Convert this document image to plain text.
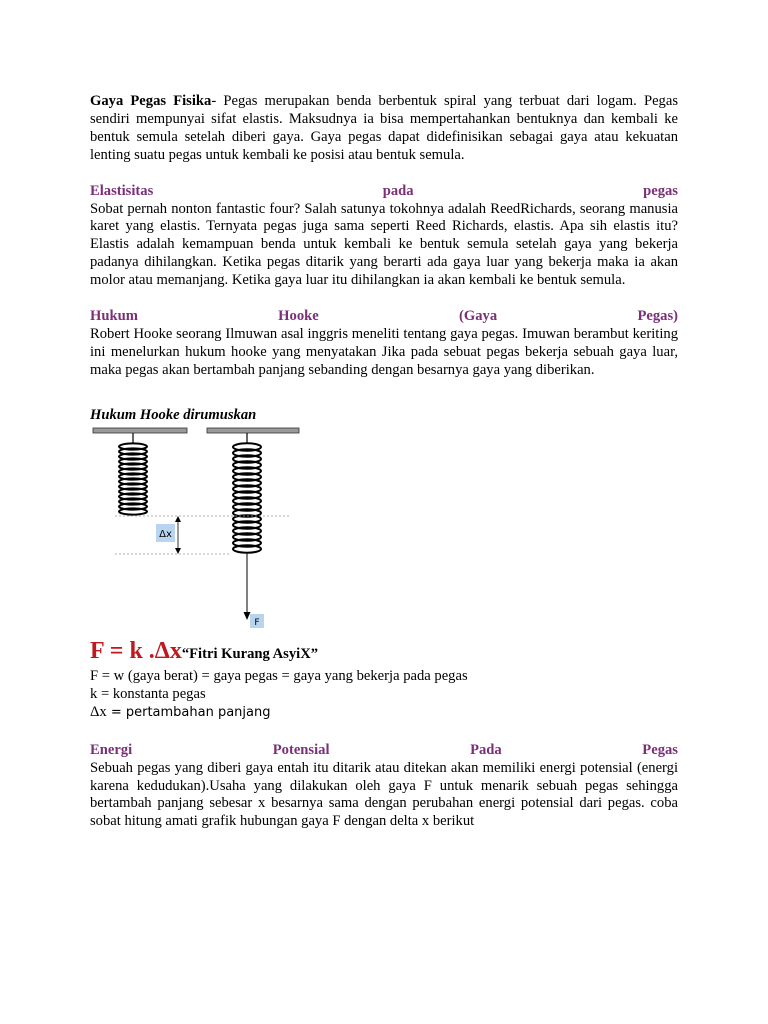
Gaya Pegas Fisika- Pegas merupakan benda berbentuk spiral yang terbuat dari logam. Pegas sendiri mempunyai sifat elastis. Maksudnya ia bisa mempertahankan bentuknya dan kembali ke bentuk semula setelah diberi gaya. Gaya pegas dapat didefinisikan sebagai gaya atau kekuatan lenting suatu pegas untuk kembali ke posisi atau bentuk semula.

Elastisitas	pada	pegas

Sobat pernah nonton fantastic four? Salah satunya tokohnya adalah ReedRichards, seorang manusia karet yang elastis. Ternyata pegas juga sama seperti Reed Richards, elastis. Apa sih elastis itu? Elastis adalah kemampuan benda untuk kembali ke bentuk semula setelah gaya yang bekerja padanya dihilangkan. Ketika pegas ditarik yang berarti ada gaya luar yang bekerja maka ia akan molor atau memanjang. Ketika gaya luar itu dihilangkan ia akan kembali ke bentuk semula.

Hukum	Hooke	(Gaya	Pegas)

Robert Hooke seorang Ilmuwan asal inggris meneliti tentang gaya pegas. Imuwan berambut keriting ini menelurkan hukum hooke yang menyatakan Jika pada sebuat pegas bekerja sebuah gaya luar, maka pegas akan bertambah panjang sebanding dengan besarnya gaya yang diberikan.

Hukum Hooke dirumuskan
Δx
F
F = k .Δx“Fitri Kurang AsyiX”
F = w (gaya berat) = gaya pegas = gaya yang bekerja pada pegas
k = konstanta pegas
Δx = pertambahan panjang
Energi	Potensial	Pada	Pegas

Sebuah pegas yang diberi gaya entah itu ditarik atau ditekan akan memiliki energi potensial (energi karena kedudukan).Usaha yang dilakukan oleh gaya F untuk menarik sebuah pegas sehingga bertambah panjang sebesar x besarnya sama dengan perubahan energi potensial dari pegas. coba sobat hitung amati grafik hubungan gaya F dengan delta x berikut
